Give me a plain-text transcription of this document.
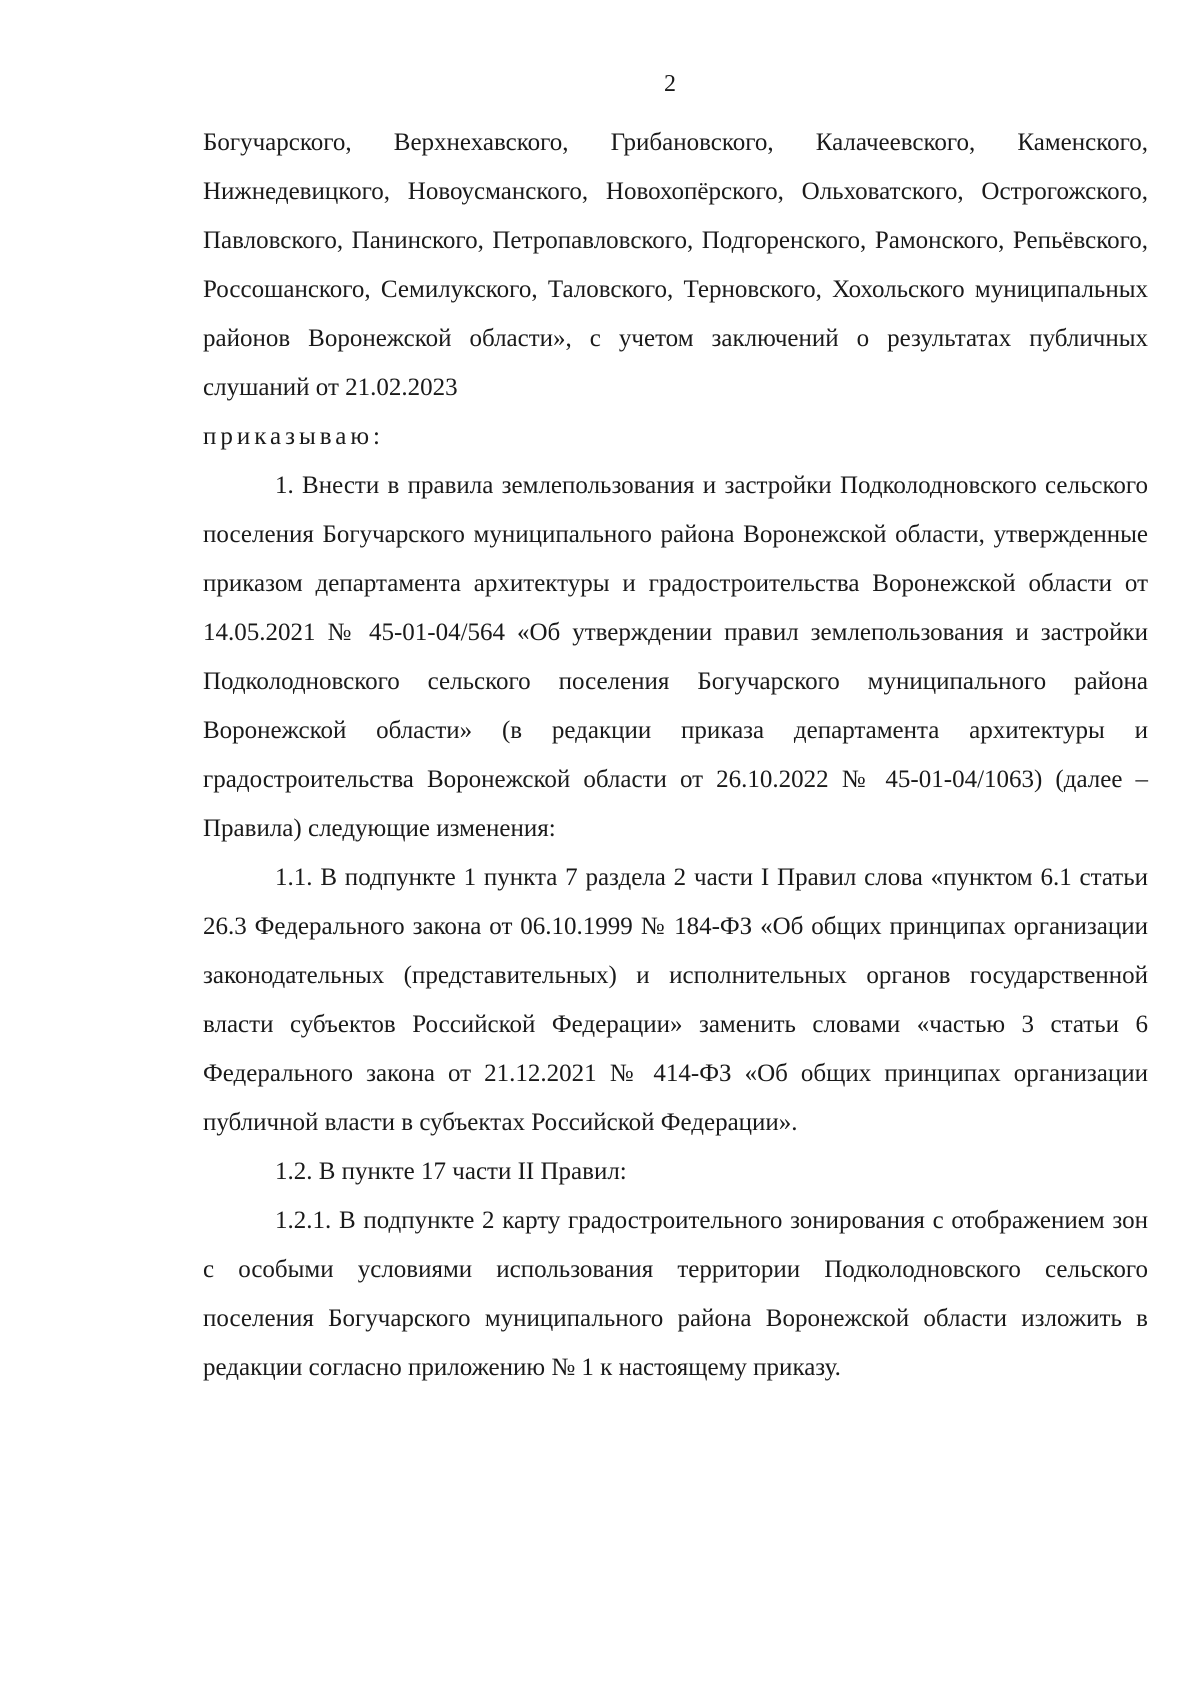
2

Богучарского, Верхнехавского, Грибановского, Калачеевского, Каменского, Нижнедевицкого, Новоусманского, Новохопёрского, Ольховатского, Острогожского, Павловского, Панинского, Петропавловского, Подгоренского, Рамонского, Репьёвского, Россошанского, Семилукского, Таловского, Терновского, Хохольского муниципальных районов Воронежской области», с учетом заключений о результатах публичных слушаний от 21.02.2023

приказываю:

1. Внести в правила землепользования и застройки Подколодновского сельского поселения Богучарского муниципального района Воронежской области, утвержденные приказом департамента архитектуры и градостроительства Воронежской области от 14.05.2021 № 45-01-04/564 «Об утверждении правил землепользования и застройки Подколодновского сельского поселения Богучарского муниципального района Воронежской области» (в редакции приказа департамента архитектуры и градостроительства Воронежской области от 26.10.2022 № 45-01-04/1063) (далее – Правила) следующие изменения:

1.1. В подпункте 1 пункта 7 раздела 2 части I Правил слова «пунктом 6.1 статьи 26.3 Федерального закона от 06.10.1999 № 184-ФЗ «Об общих принципах организации законодательных (представительных) и исполнительных органов государственной власти субъектов Российской Федерации» заменить словами «частью 3 статьи 6 Федерального закона от 21.12.2021 № 414-ФЗ «Об общих принципах организации публичной власти в субъектах Российской Федерации».

1.2. В пункте 17 части II Правил:

1.2.1. В подпункте 2 карту градостроительного зонирования с отображением зон с особыми условиями использования территории Подколодновского сельского поселения Богучарского муниципального района Воронежской области изложить в редакции согласно приложению № 1 к настоящему приказу.
